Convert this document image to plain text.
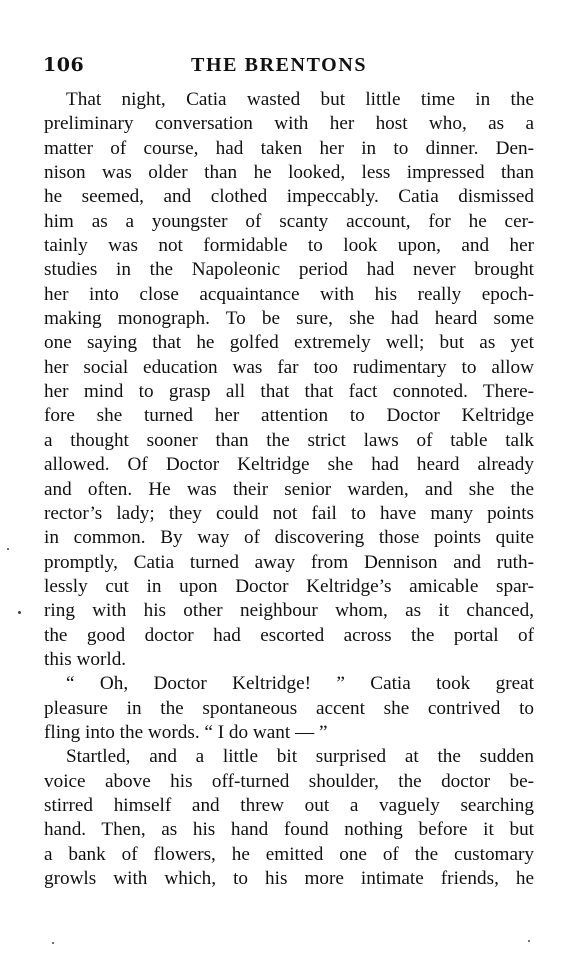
106	THE BRENTONS
That night, Catia wasted but little time in the
preliminary conversation with her host who, as a
matter of course, had taken her in to dinner. Den-
nison was older than he looked, less impressed than
he seemed, and clothed impeccably. Catia dismissed
him as a youngster of scanty account, for he cer-
tainly was not formidable to look upon, and her
studies in the Napoleonic period had never brought
her into close acquaintance with his really epoch-
making monograph. To be sure, she had heard some
one saying that he golfed extremely well; but as yet
her social education was far too rudimentary to allow
her mind to grasp all that that fact connoted. There-
fore she turned her attention to Doctor Keltridge
a thought sooner than the strict laws of table talk
allowed. Of Doctor Keltridge she had heard already
and often. He was their senior warden, and she the
rector’s lady; they could not fail to have many points
in common. By way of discovering those points quite
promptly, Catia turned away from Dennison and ruth-
lessly cut in upon Doctor Keltridge’s amicable spar-
ring with his other neighbour whom, as it chanced,
the good doctor had escorted across the portal of
this world.
“ Oh, Doctor Keltridge! ” Catia took great
pleasure in the spontaneous accent she contrived to
fling into the words. “ I do want — ”
Startled, and a little bit surprised at the sudden
voice above his off-turned shoulder, the doctor be-
stirred himself and threw out a vaguely searching
hand. Then, as his hand found nothing before it but
a bank of flowers, he emitted one of the customary
growls with which, to his more intimate friends, he
